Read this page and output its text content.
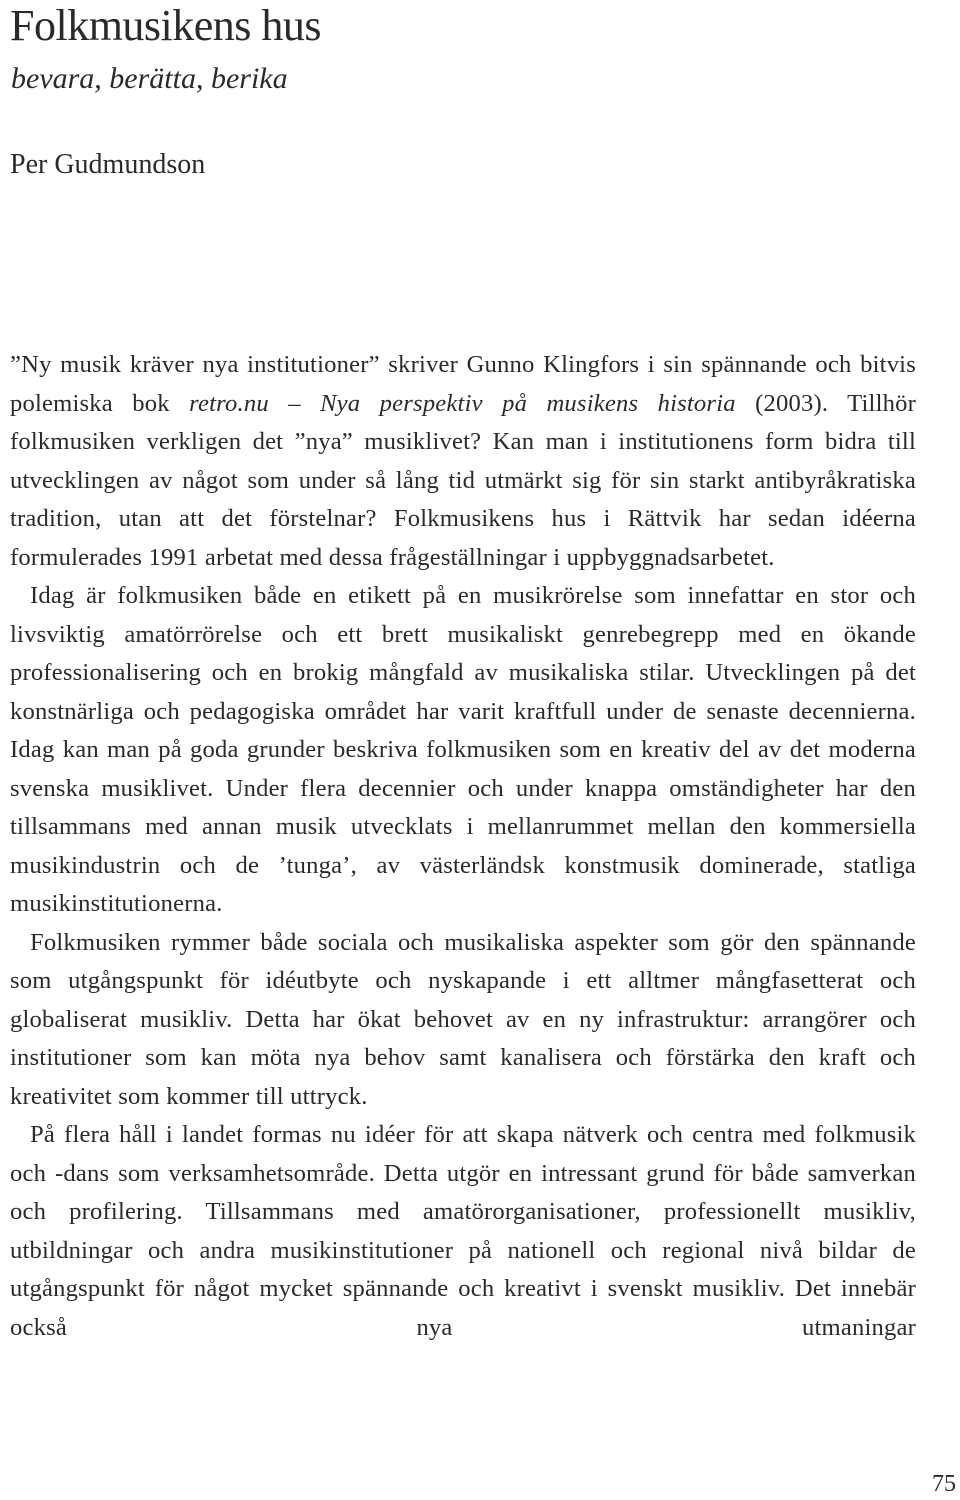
Folkmusikens hus
bevara, berätta, berika
Per Gudmundson

”Ny musik kräver nya institutioner” skriver Gunno Klingfors i sin spännande och bitvis polemiska bok retro.nu – Nya perspektiv på musikens historia (2003). Tillhör folkmusiken verkligen det ”nya” musiklivet? Kan man i institutionens form bidra till utvecklingen av något som under så lång tid utmärkt sig för sin starkt antibyråkratiska tradition, utan att det förstelnar? Folkmusikens hus i Rättvik har sedan idéerna formulerades 1991 arbetat med dessa frågeställningar i uppbyggnadsarbetet.

Idag är folkmusiken både en etikett på en musikrörelse som innefattar en stor och livsviktig amatörrörelse och ett brett musikaliskt genrebegrepp med en ökande professionalisering och en brokig mångfald av musikaliska stilar. Utvecklingen på det konstnärliga och pedagogiska området har varit kraftfull under de senaste decennierna. Idag kan man på goda grunder beskriva folkmusiken som en kreativ del av det moderna svenska musiklivet. Under flera decennier och under knappa omständigheter har den tillsammans med annan musik utvecklats i mellanrummet mellan den kommersiella musikindustrin och de ’tunga’, av västerländsk konstmusik dominerade, statliga musikinstitutionerna.

Folkmusiken rymmer både sociala och musikaliska aspekter som gör den spännande som utgångspunkt för idéutbyte och nyskapande i ett alltmer mångfasetterat och globaliserat musikliv. Detta har ökat behovet av en ny infrastruktur: arrangörer och institutioner som kan möta nya behov samt kanalisera och förstärka den kraft och kreativitet som kommer till uttryck.

På flera håll i landet formas nu idéer för att skapa nätverk och centra med folkmusik och -dans som verksamhetsområde. Detta utgör en intressant grund för både samverkan och profilering. Tillsammans med amatörorganisationer, professionellt musikliv, utbildningar och andra musikinstitutioner på nationell och regional nivå bildar de utgångspunkt för något mycket spännande och kreativt i svenskt musikliv. Det innebär också nya utmaningar

75
